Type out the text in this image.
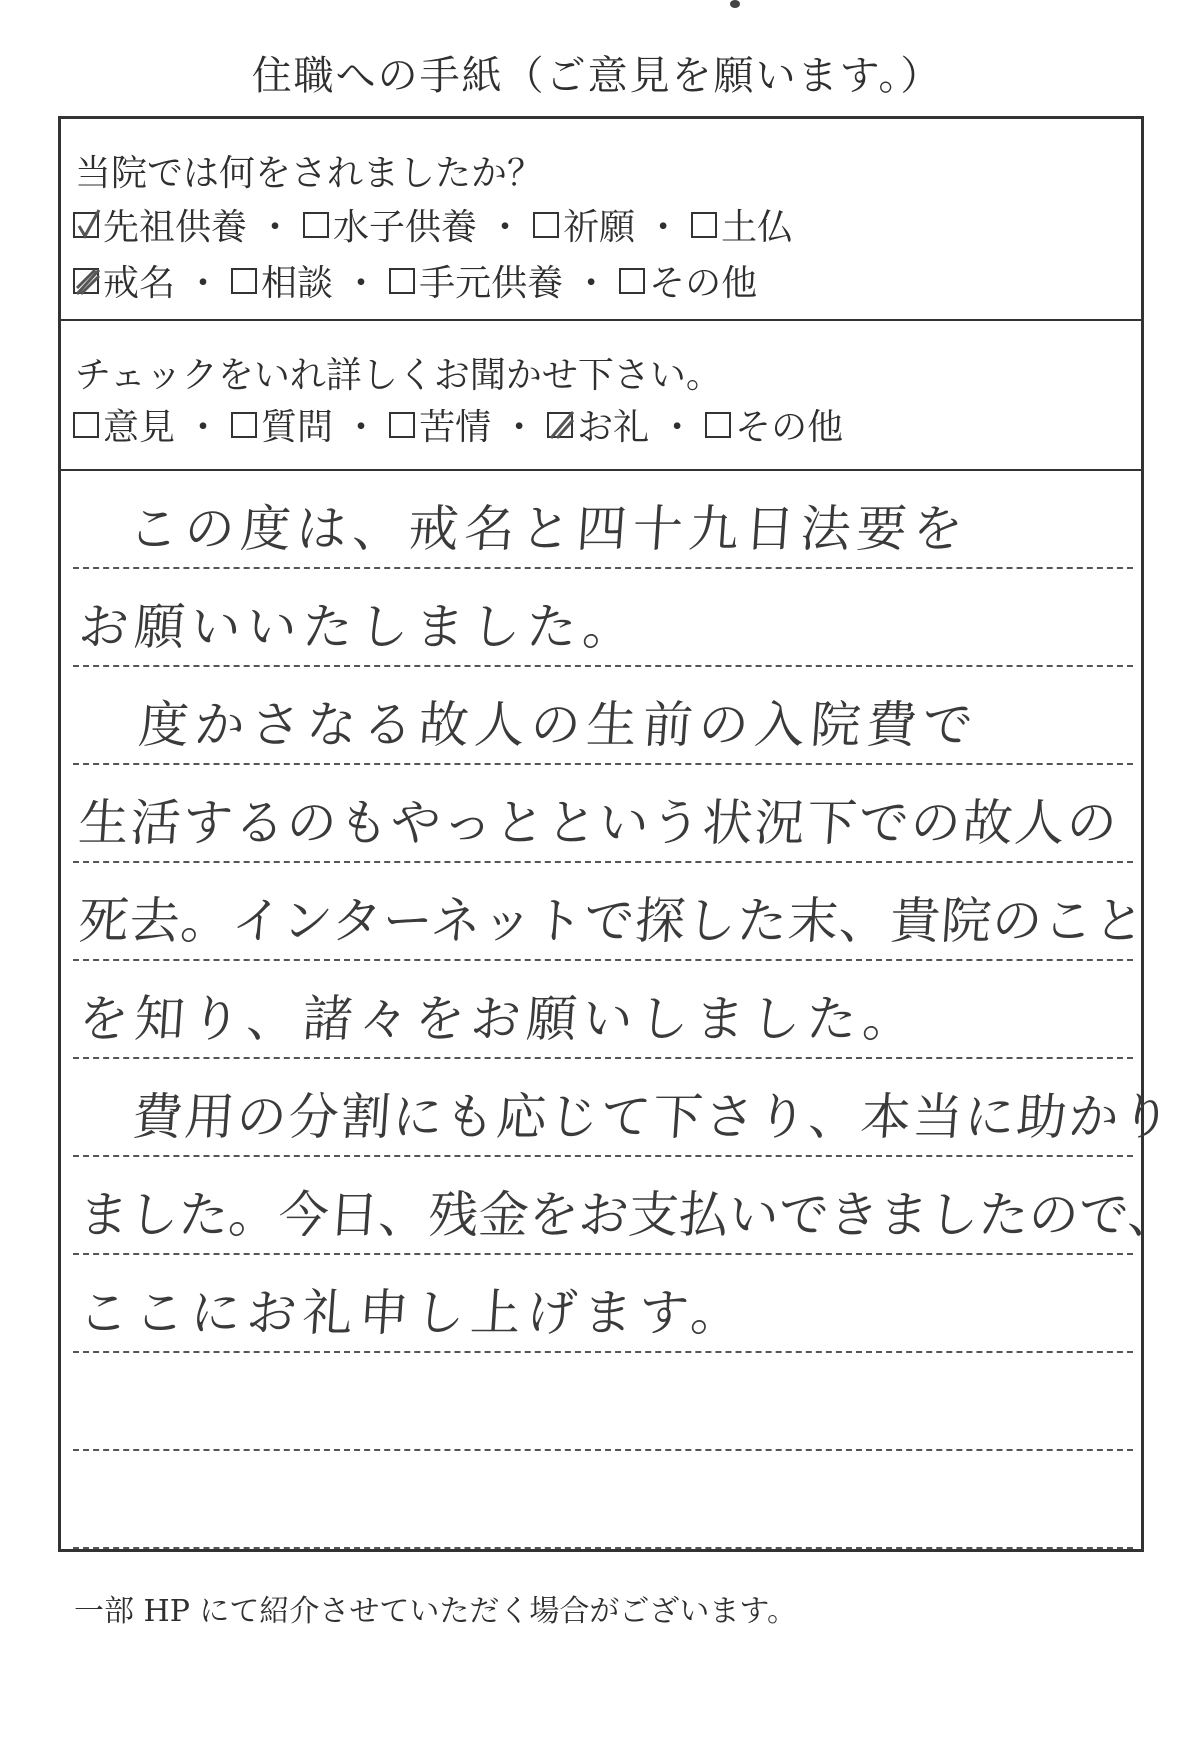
住職への手紙（ご意見を願います。）
当院では何をされましたか？
先祖供養 ・ 水子供養 ・ 祈願 ・ 土仏
戒名 ・ 相談 ・ 手元供養 ・ その他
チェックをいれ詳しくお聞かせ下さい。
意見 ・ 質問 ・ 苦情 ・ お礼 ・ その他
この度は、戒名と四十九日法要を
お願いいたしました。
度かさなる故人の生前の入院費で
生活するのもやっとという状況下での故人の
死去。インターネットで探した末、貴院のこと
を知り、諸々をお願いしました。
費用の分割にも応じて下さり、本当に助かり
ました。今日、残金をお支払いできましたので、
ここにお礼申し上げます。
一部 HP にて紹介させていただく場合がございます。
